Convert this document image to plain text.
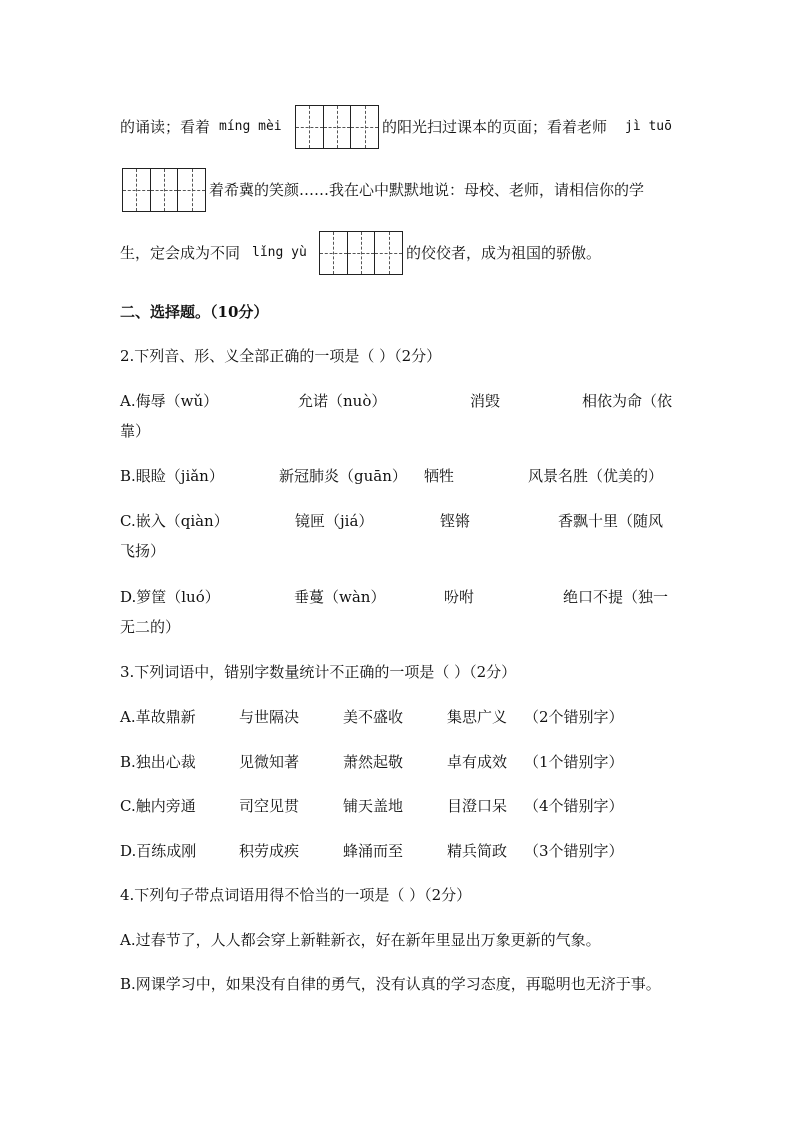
的诵读；看着 míng mèi	的阳光扫过课本的页面；看着老师 jì tuō
着希冀的笑颜……我在心中默默地说：母校、老师，请相信你的学
生，定会成为不同 lǐng yù	的佼佼者，成为祖国的骄傲。
二、选择题。（10分）
2.下列音、形、义全部正确的一项是（ ）（2分）
A.侮辱（wǔ）	允诺（nuò）	消毁	相依为命（依
靠）
B.眼睑（jiǎn）	新冠肺炎（guān） 牺牲	风景名胜（优美的）
C.嵌入（qiàn）	镜匣（jiá）	铿锵	香飘十里（随风
飞扬）
D.箩筐（luó）	垂蔓（wàn）	吩咐	绝口不提（独一
无二的）
3.下列词语中，错别字数量统计不正确的一项是（ ）（2分）
A.革故鼎新	与世隔决	美不盛收	集思广义 （2个错别字）
B.独出心裁	见微知著	萧然起敬	卓有成效 （1个错别字）
C.触内旁通	司空见贯	铺天盖地	目澄口呆 （4个错别字）
D.百练成刚	积劳成疾	蜂涌而至	精兵简政 （3个错别字）
4.下列句子带点词语用得不恰当的一项是（ ）（2分）
A.过春节了，人人都会穿上新鞋新衣，好在新年里显出万象更新的气象。
B.网课学习中，如果没有自律的勇气，没有认真的学习态度，再聪明也无济于事。
